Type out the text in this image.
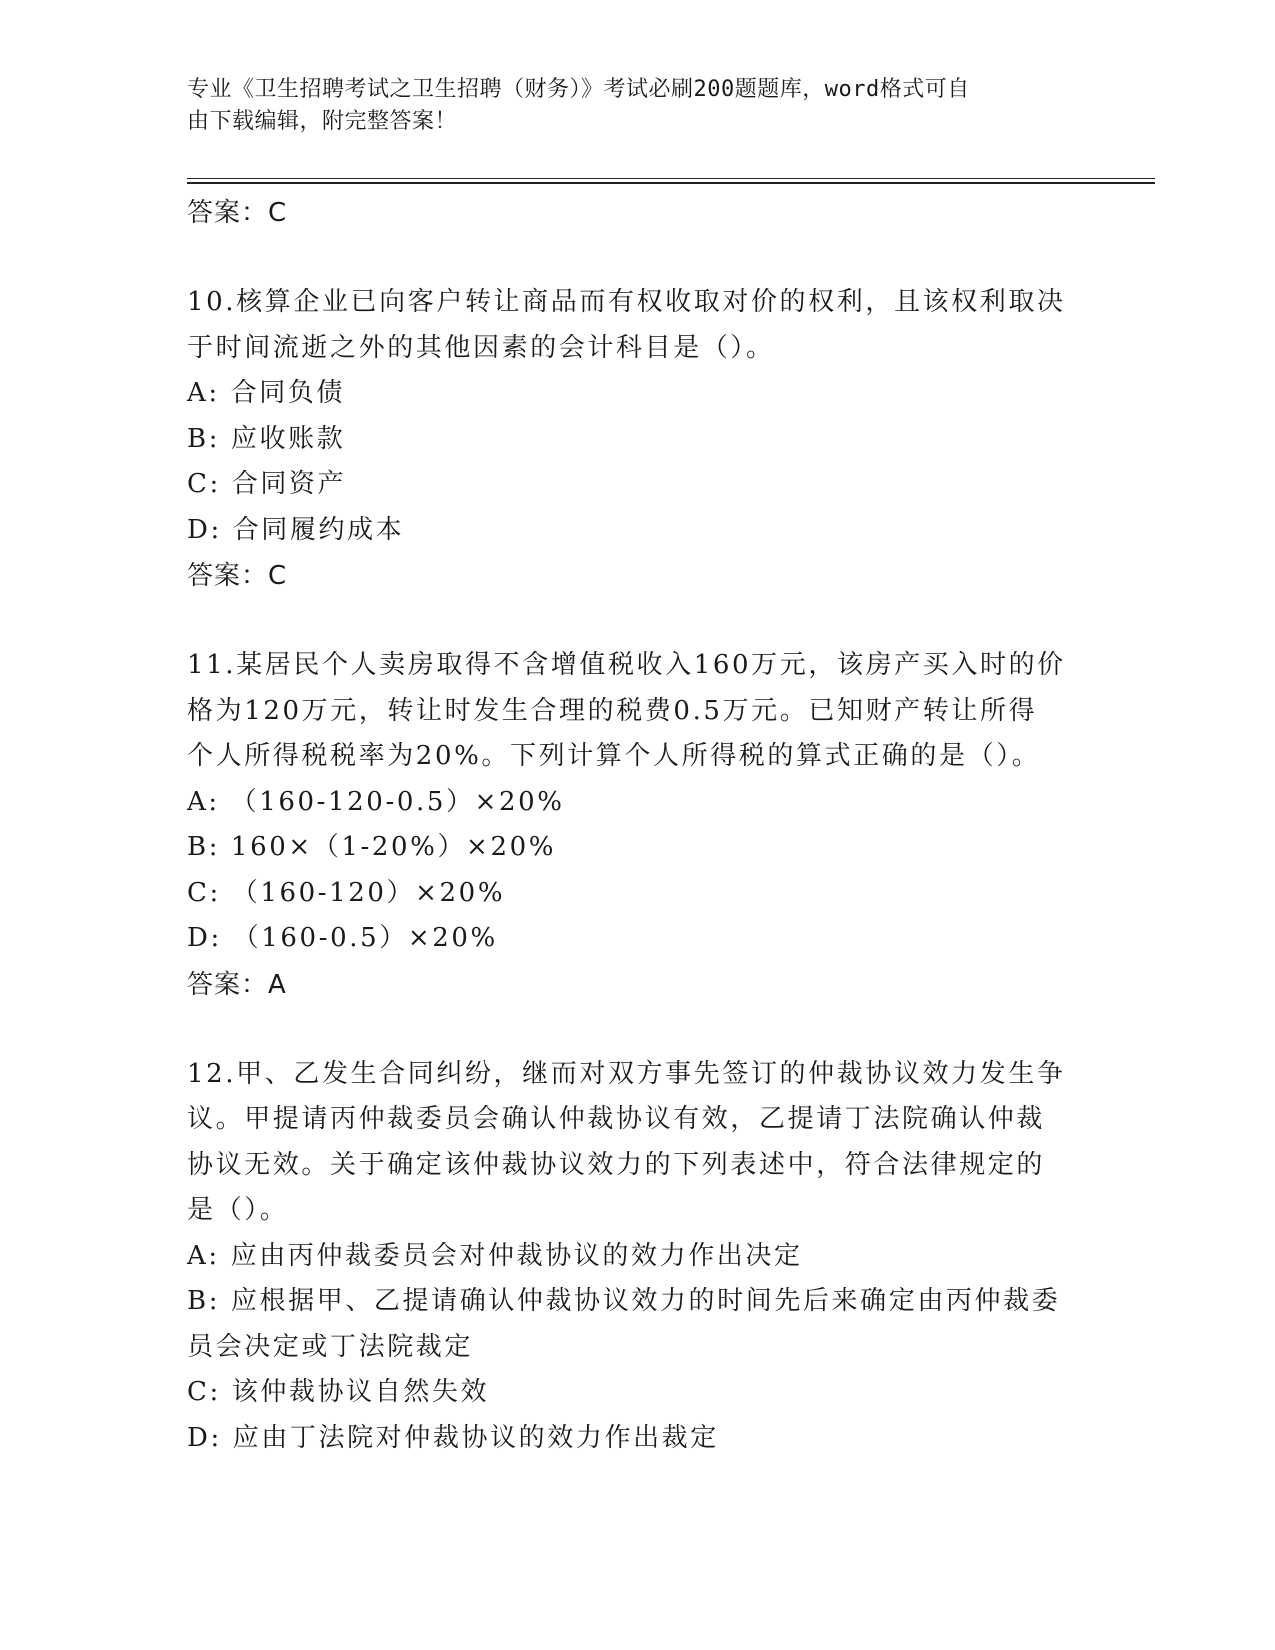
专业《卫生招聘考试之卫生招聘（财务）》考试必刷200题题库，word格式可自
由下载编辑，附完整答案！
答案：C
10.核算企业已向客户转让商品而有权收取对价的权利，且该权利取决
于时间流逝之外的其他因素的会计科目是（）。
A: 合同负债
B: 应收账款
C: 合同资产
D: 合同履约成本
答案：C
11.某居民个人卖房取得不含增值税收入160万元，该房产买入时的价
格为120万元，转让时发生合理的税费0.5万元。已知财产转让所得
个人所得税税率为20%。下列计算个人所得税的算式正确的是（）。
A: （160-120-0.5）×20%
B: 160×（1-20%）×20%
C: （160-120）×20%
D: （160-0.5）×20%
答案：A
12.甲、乙发生合同纠纷，继而对双方事先签订的仲裁协议效力发生争
议。甲提请丙仲裁委员会确认仲裁协议有效，乙提请丁法院确认仲裁
协议无效。关于确定该仲裁协议效力的下列表述中，符合法律规定的
是（）。
A: 应由丙仲裁委员会对仲裁协议的效力作出决定
B: 应根据甲、乙提请确认仲裁协议效力的时间先后来确定由丙仲裁委
员会决定或丁法院裁定
C: 该仲裁协议自然失效
D: 应由丁法院对仲裁协议的效力作出裁定
